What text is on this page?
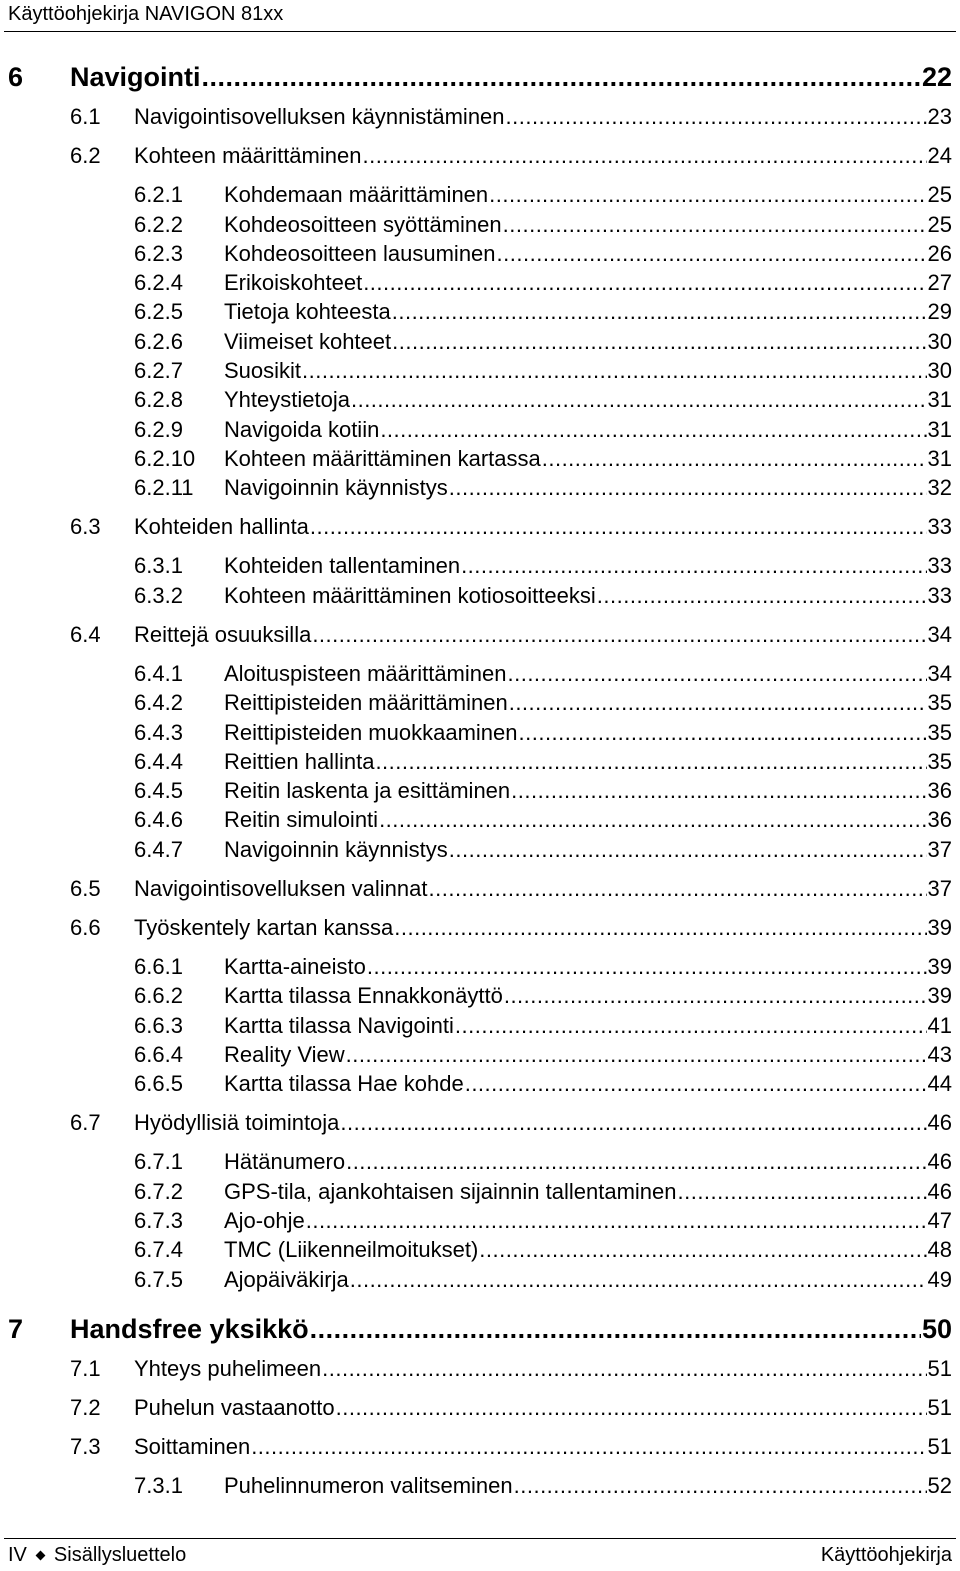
Käyttöohjekirja NAVIGON 81xx
6 Navigointi .....	22
6.1 Navigointisovelluksen käynnistäminen .....	23
6.2 Kohteen määrittäminen .....	24
6.2.1 Kohdemaan määrittäminen .....	25
6.2.2 Kohdeosoitteen syöttäminen .....	25
6.2.3 Kohdeosoitteen lausuminen .....	26
6.2.4 Erikoiskohteet .....	27
6.2.5 Tietoja kohteesta .....	29
6.2.6 Viimeiset kohteet .....	30
6.2.7 Suosikit .....	30
6.2.8 Yhteystietoja .....	31
6.2.9 Navigoida kotiin .....	31
6.2.10 Kohteen määrittäminen kartassa .....	31
6.2.11 Navigoinnin käynnistys .....	32
6.3 Kohteiden hallinta .....	33
6.3.1 Kohteiden tallentaminen .....	33
6.3.2 Kohteen määrittäminen kotiosoitteeksi .....	33
6.4 Reittejä osuuksilla .....	34
6.4.1 Aloituspisteen määrittäminen .....	34
6.4.2 Reittipisteiden määrittäminen .....	35
6.4.3 Reittipisteiden muokkaaminen .....	35
6.4.4 Reittien hallinta .....	35
6.4.5 Reitin laskenta ja esittäminen .....	36
6.4.6 Reitin simulointi .....	36
6.4.7 Navigoinnin käynnistys .....	37
6.5 Navigointisovelluksen valinnat .....	37
6.6 Työskentely kartan kanssa .....	39
6.6.1 Kartta-aineisto .....	39
6.6.2 Kartta tilassa Ennakkonäyttö .....	39
6.6.3 Kartta tilassa Navigointi .....	41
6.6.4 Reality View .....	43
6.6.5 Kartta tilassa Hae kohde .....	44
6.7 Hyödyllisiä toimintoja .....	46
6.7.1 Hätänumero .....	46
6.7.2 GPS-tila, ajankohtaisen sijainnin tallentaminen .....	46
6.7.3 Ajo-ohje .....	47
6.7.4 TMC (Liikenneilmoitukset) .....	48
6.7.5 Ajopäiväkirja .....	49
7 Handsfree yksikkö .....	50
7.1 Yhteys puhelimeen .....	51
7.2 Puhelun vastaanotto .....	51
7.3 Soittaminen .....	51
7.3.1 Puhelinnumeron valitseminen .....	52
IV Sisällysluettelo	Käyttöohjekirja
